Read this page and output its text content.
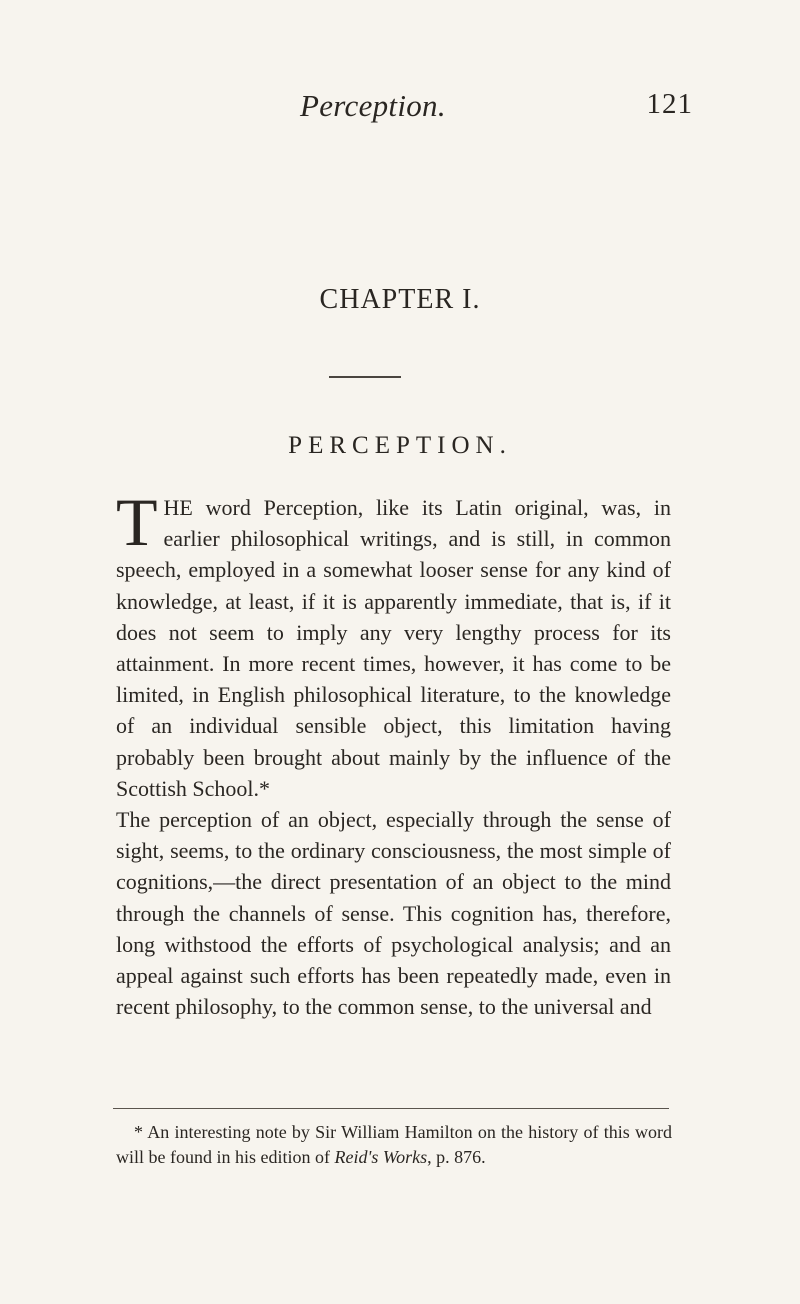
Perception.	121
CHAPTER I.
PERCEPTION.

THE word Perception, like its Latin original, was, in earlier philosophical writings, and is still, in common speech, employed in a somewhat looser sense for any kind of knowledge, at least, if it is apparently immediate, that is, if it does not seem to imply any very lengthy process for its attainment. In more recent times, however, it has come to be limited, in English philosophical literature, to the knowledge of an individual sensible object, this limitation having probably been brought about mainly by the influence of the Scottish School.*

The perception of an object, especially through the sense of sight, seems, to the ordinary consciousness, the most simple of cognitions,—the direct presentation of an object to the mind through the channels of sense. This cognition has, therefore, long withstood the efforts of psychological analysis; and an appeal against such efforts has been repeatedly made, even in recent philosophy, to the common sense, to the universal and

* An interesting note by Sir William Hamilton on the history of this word will be found in his edition of Reid's Works, p. 876.
